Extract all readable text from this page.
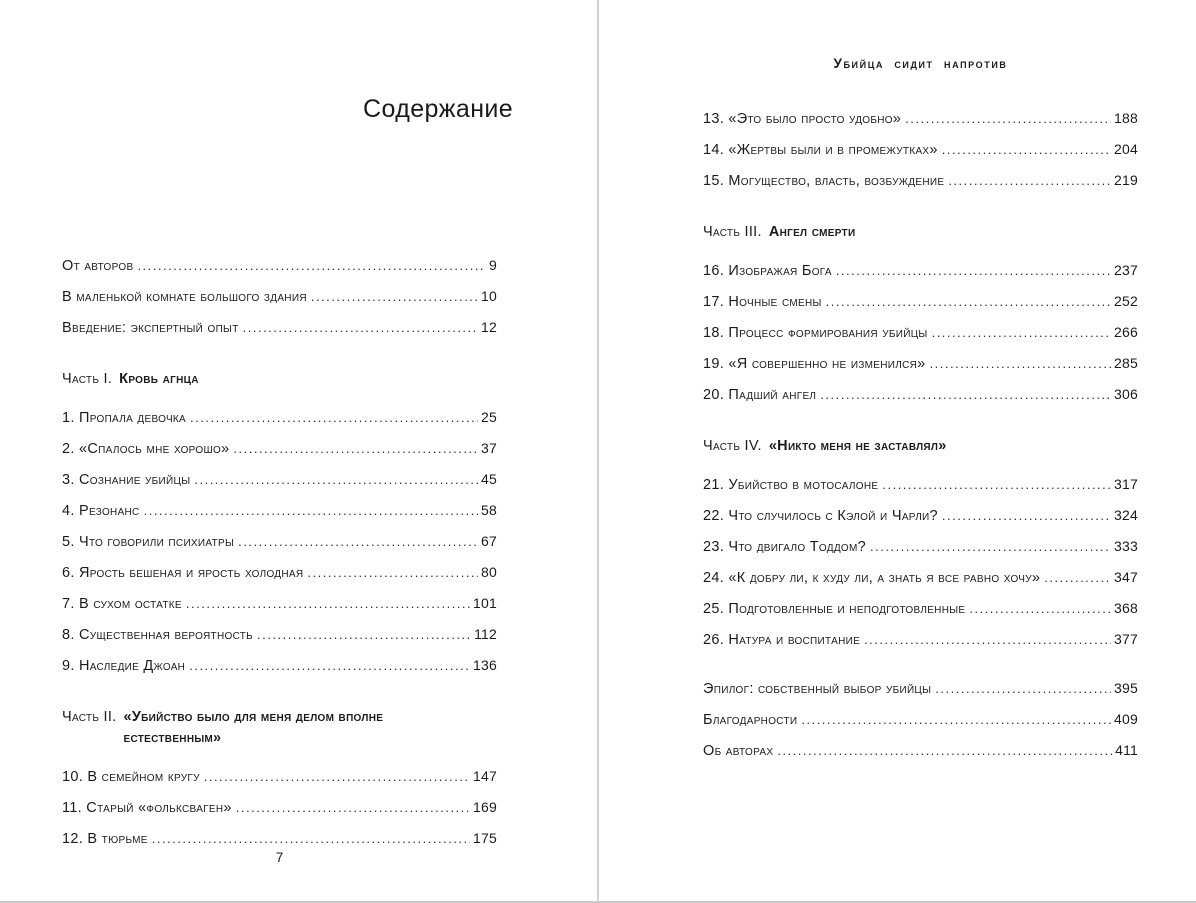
Содержание
От авторов .....	9
В маленькой комнате большого здания .....	10
Введение: экспертный опыт .....	12
Часть I. Кровь агнца
1. Пропала девочка .....	25
2. «Спалось мне хорошо» .....	37
3. Сознание убийцы .....	45
4. Резонанс .....	58
5. Что говорили психиатры .....	67
6. Ярость бешеная и ярость холодная .....	80
7. В сухом остатке .....	101
8. Существенная вероятность .....	112
9. Наследие Джоан .....	136
Часть II. «Убийство было для меня делом вполне естественным»
10. В семейном кругу .....	147
11. Старый «фольксваген» .....	169
12. В тюрьме .....	175
7
Убийца сидит напротив
13. «Это было просто удобно» .....	188
14. «Жертвы были и в промежутках» .....	204
15. Могущество, власть, возбуждение .....	219
Часть III. Ангел смерти
16. Изображая Бога .....	237
17. Ночные смены .....	252
18. Процесс формирования убийцы .....	266
19. «Я совершенно не изменился» .....	285
20. Падший ангел .....	306
Часть IV. «Никто меня не заставлял»
21. Убийство в мотосалоне .....	317
22. Что случилось с Кэлой и Чарли? .....	324
23. Что двигало Тоддом? .....	333
24. «К добру ли, к худу ли, а знать я все равно хочу» .....	347
25. Подготовленные и неподготовленные .....	368
26. Натура и воспитание .....	377
Эпилог: собственный выбор убийцы .....	395
Благодарности .....	409
Об авторах .....	411
